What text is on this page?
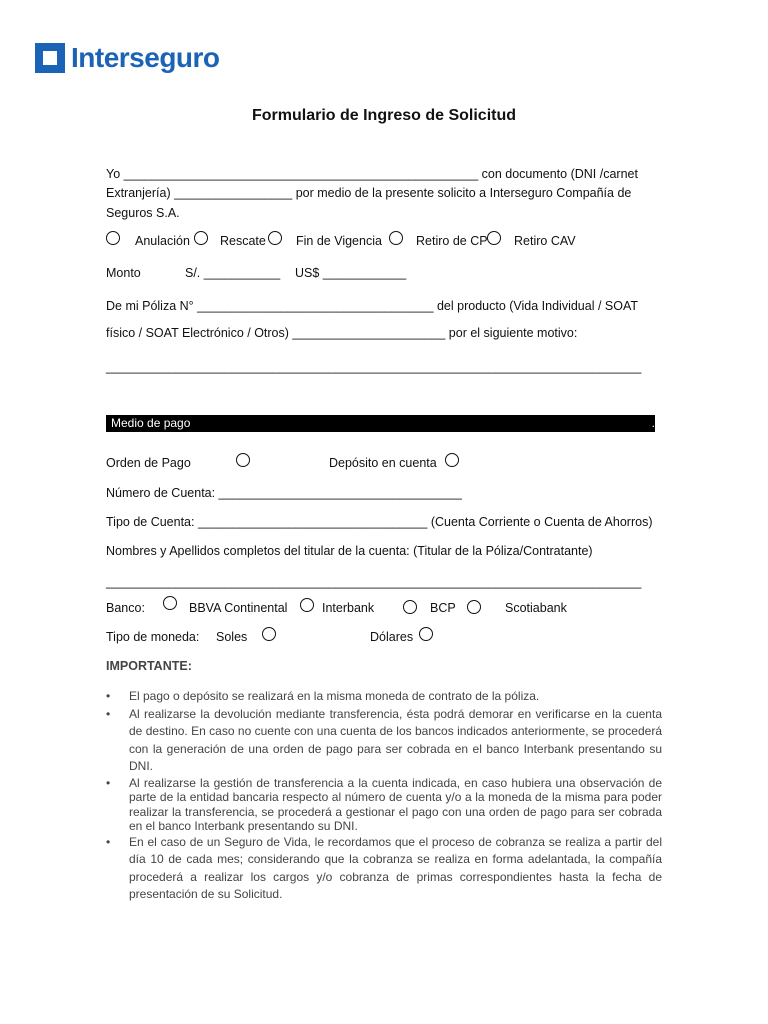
Interseguro
Formulario de Ingreso de Solicitud
Yo ___________________________________________________ con documento (DNI /carnet
Extranjería) _________________ por medio de la presente solicito a Interseguro Compañía de
Seguros S.A.
Anulación Rescate Fin de Vigencia	Retiro de CP Retiro CAV
Monto	S/. ___________ US$ ____________
De mi Póliza N° __________________________________ del producto (Vida Individual / SOAT
físico / SOAT Electrónico / Otros) ______________________ por el siguiente motivo:
_____________________________________________________________________________
Medio de pago	.
Orden de Pago	Depósito en cuenta
Número de Cuenta: ___________________________________
Tipo de Cuenta: _________________________________ (Cuenta Corriente o Cuenta de Ahorros)
Nombres y Apellidos completos del titular de la cuenta: (Titular de la Póliza/Contratante)
_____________________________________________________________________________
Banco:	BBVA Continental	Interbank	BCP	Scotiabank
Tipo de moneda: Soles	Dólares
IMPORTANTE:
• El pago o depósito se realizará en la misma moneda de contrato de la póliza.
• Al realizarse la devolución mediante transferencia, ésta podrá demorar en verificarse en la cuenta de destino. En caso no cuente con una cuenta de los bancos indicados anteriormente, se procederá con la generación de una orden de pago para ser cobrada en el banco Interbank presentando su DNI.
• Al realizarse la gestión de transferencia a la cuenta indicada, en caso hubiera una observación de parte de la entidad bancaria respecto al número de cuenta y/o a la moneda de la misma para poder realizar la transferencia, se procederá a gestionar el pago con una orden de pago para ser cobrada en el banco Interbank presentando su DNI.
• En el caso de un Seguro de Vida, le recordamos que el proceso de cobranza se realiza a partir del día 10 de cada mes; considerando que la cobranza se realiza en forma adelantada, la compañía procederá a realizar los cargos y/o cobranza de primas correspondientes hasta la fecha de presentación de su Solicitud.
